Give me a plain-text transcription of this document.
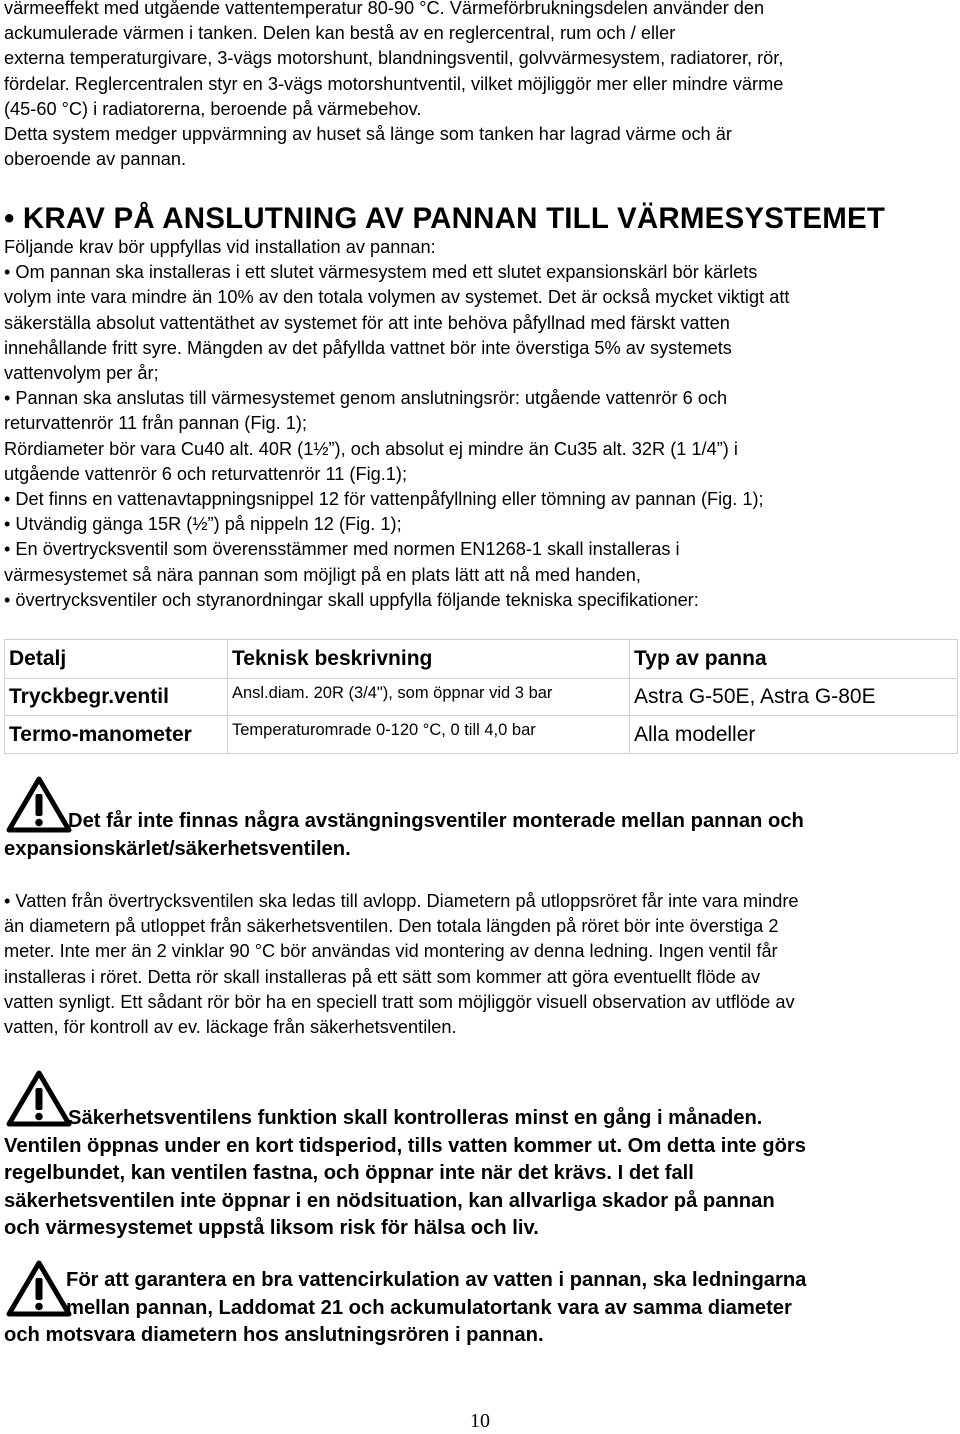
värmeeffekt med utgående vattentemperatur 80-90 °C. Värmeförbrukningsdelen använder den

ackumulerade värmen i tanken. Delen kan bestå av en reglercentral, rum och / eller

externa temperaturgivare, 3-vägs motorshunt, blandningsventil, golvvärmesystem, radiatorer, rör,

fördelar. Reglercentralen styr en 3-vägs motorshuntventil, vilket möjliggör mer eller mindre värme

(45-60 °C) i radiatorerna, beroende på värmebehov.

Detta system medger uppvärmning av huset så länge som tanken har lagrad värme och är

oberoende av pannan.

• KRAV PÅ ANSLUTNING AV PANNAN TILL VÄRMESYSTEMET

Följande krav bör uppfyllas vid installation av pannan:

• Om pannan ska installeras i ett slutet värmesystem med ett slutet expansionskärl bör kärlets

volym inte vara mindre än 10% av den totala volymen av systemet. Det är också mycket viktigt att

säkerställa absolut vattentäthet av systemet för att inte behöva påfyllnad med färskt vatten

innehållande fritt syre. Mängden av det påfyllda vattnet bör inte överstiga 5% av systemets

vattenvolym per år;

• Pannan ska anslutas till värmesystemet genom anslutningsrör: utgående vattenrör 6 och

returvattenrör 11 från pannan (Fig. 1);

Rördiameter bör vara Cu40 alt. 40R (1½”), och absolut ej mindre än Cu35 alt. 32R (1 1/4”) i

utgående vattenrör 6 och returvattenrör 11 (Fig.1);

• Det finns en vattenavtappningsnippel 12 för vattenpåfyllning eller tömning av pannan (Fig. 1);

• Utvändig gänga 15R (½”) på nippeln 12 (Fig. 1);

• En övertrycksventil som överensstämmer med normen EN1268-1 skall installeras i

värmesystemet så nära pannan som möjligt på en plats lätt att nå med handen,

• övertrycksventiler och styranordningar skall uppfylla följande tekniska specifikationer:

Detalj	Teknisk beskrivning	Typ av panna
Tryckbegr.ventil	Ansl.diam. 20R (3/4"), som öppnar vid 3 bar	Astra G-50E, Astra G-80E
Termo-manometer	Temperaturomrade 0-120 °C, 0 till 4,0 bar	Alla modeller

Det får inte finnas några avstängningsventiler monterade mellan pannan och

expansionskärlet/säkerhetsventilen.

• Vatten från övertrycksventilen ska ledas till avlopp. Diametern på utloppsröret får inte vara mindre

än diametern på utloppet från säkerhetsventilen. Den totala längden på röret bör inte överstiga 2

meter. Inte mer än 2 vinklar 90 °C bör användas vid montering av denna ledning. Ingen ventil får

installeras i röret. Detta rör skall installeras på ett sätt som kommer att göra eventuellt flöde av

vatten synligt. Ett sådant rör bör ha en speciell tratt som möjliggör visuell observation av utflöde av

vatten, för kontroll av ev. läckage från säkerhetsventilen.

Säkerhetsventilens funktion skall kontrolleras minst en gång i månaden.

Ventilen öppnas under en kort tidsperiod, tills vatten kommer ut. Om detta inte görs

regelbundet, kan ventilen fastna, och öppnar inte när det krävs. I det fall

säkerhetsventilen inte öppnar i en nödsituation, kan allvarliga skador på pannan

och värmesystemet uppstå liksom risk för hälsa och liv.

För att garantera en bra vattencirkulation av vatten i pannan, ska ledningarna

mellan pannan, Laddomat 21 och ackumulatortank vara av samma diameter

och motsvara diametern hos anslutningsrören i pannan.

10
